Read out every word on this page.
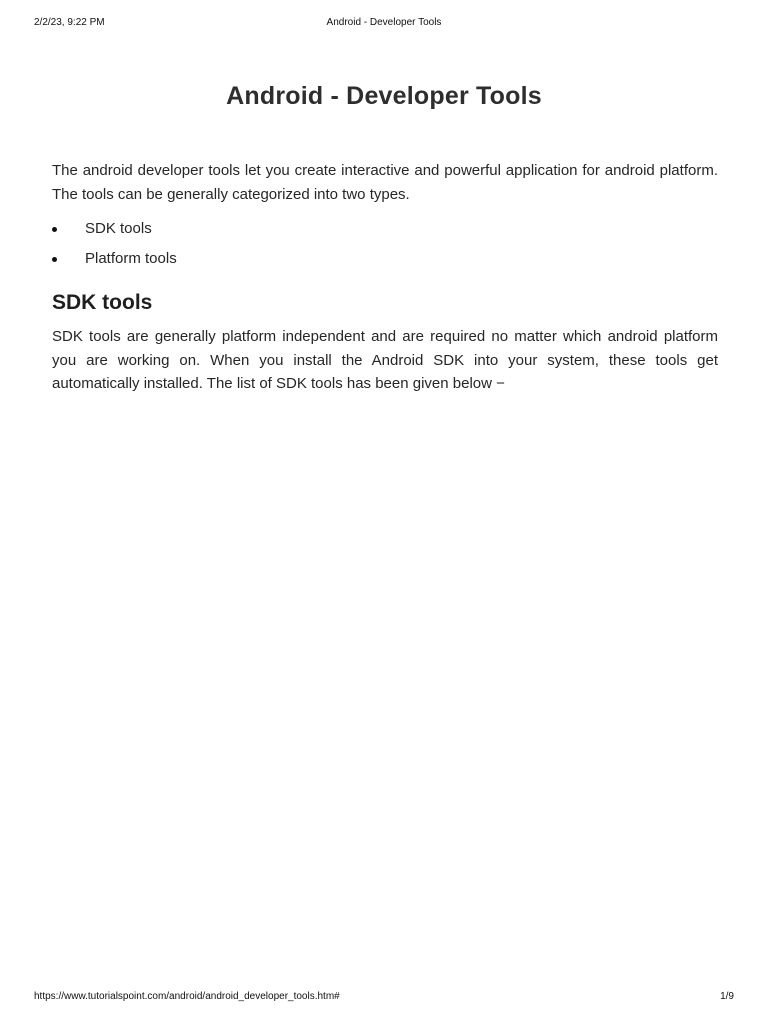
2/2/23, 9:22 PM	Android - Developer Tools
Android - Developer Tools

The android developer tools let you create interactive and powerful application for android platform. The tools can be generally categorized into two types.

SDK tools
Platform tools
SDK tools

SDK tools are generally platform independent and are required no matter which android platform you are working on. When you install the Android SDK into your system, these tools get automatically installed. The list of SDK tools has been given below −

https://www.tutorialspoint.com/android/android_developer_tools.htm#	1/9
